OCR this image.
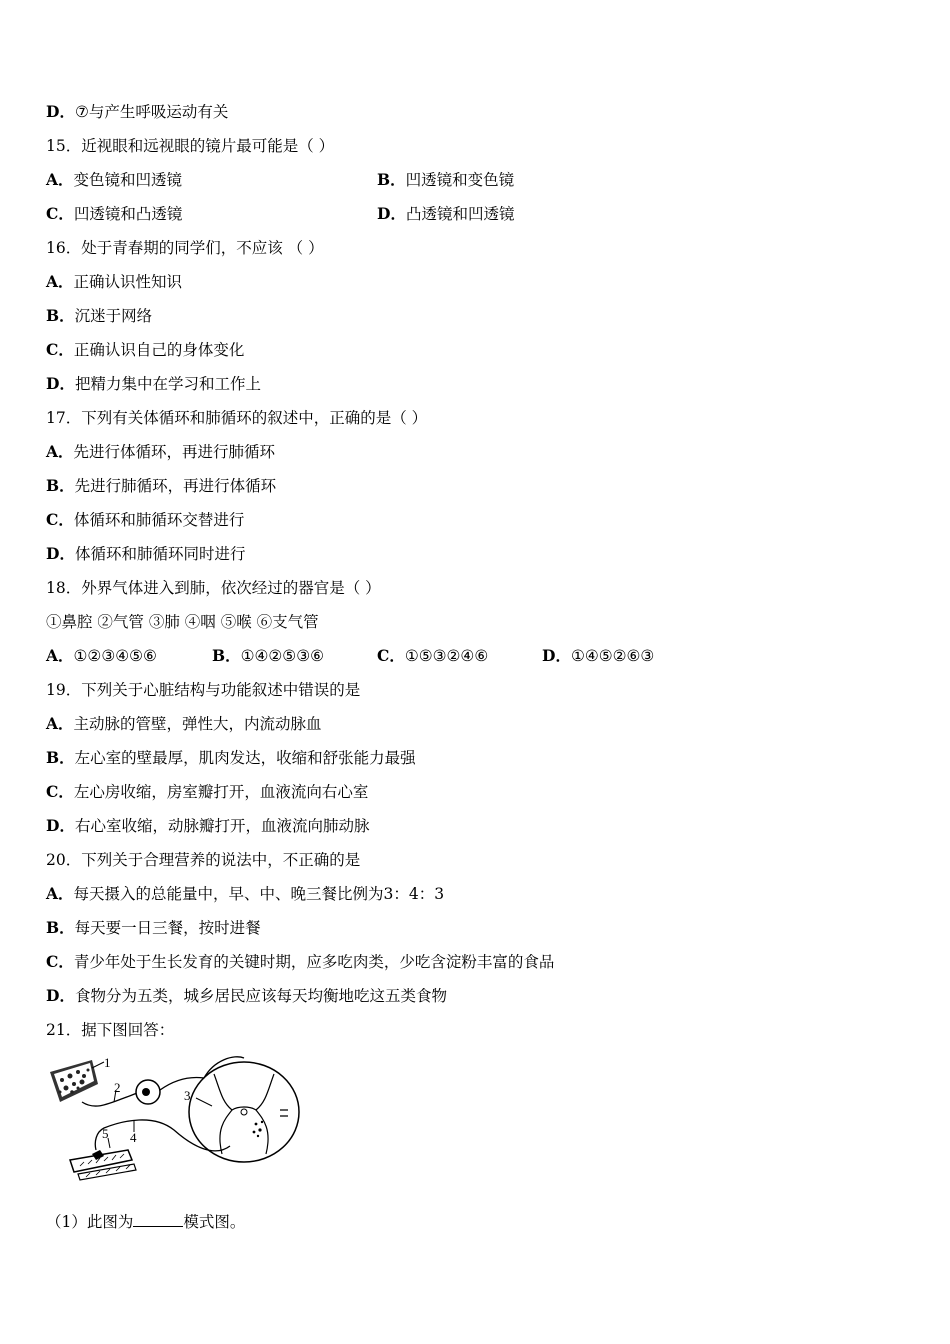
D．⑦与产生呼吸运动有关
15．近视眼和远视眼的镜片最可能是（ ）
A．变色镜和凹透镜	B．凹透镜和变色镜
C．凹透镜和凸透镜	D．凸透镜和凹透镜
16．处于青春期的同学们，不应该 （ ）
A．正确认识性知识
B．沉迷于网络
C．正确认识自己的身体变化
D．把精力集中在学习和工作上
17．下列有关体循环和肺循环的叙述中，正确的是（ ）
A．先进行体循环，再进行肺循环
B．先进行肺循环，再进行体循环
C．体循环和肺循环交替进行
D．体循环和肺循环同时进行
18．外界气体进入到肺，依次经过的器官是（ ）
①鼻腔 ②气管 ③肺 ④咽 ⑤喉 ⑥支气管
A．①②③④⑤⑥	B．①④②⑤③⑥	C．①⑤③②④⑥	D．①④⑤②⑥③
19．下列关于心脏结构与功能叙述中错误的是
A．主动脉的管壁，弹性大，内流动脉血
B．左心室的壁最厚，肌肉发达，收缩和舒张能力最强
C．左心房收缩，房室瓣打开，血液流向右心室
D．右心室收缩，动脉瓣打开，血液流向肺动脉
20．下列关于合理营养的说法中，不正确的是
A．每天摄入的总能量中，早、中、晚三餐比例为3：4：3
B．每天要一日三餐，按时进餐
C．青少年处于生长发育的关键时期，应多吃肉类，少吃含淀粉丰富的食品
D．食物分为五类，城乡居民应该每天均衡地吃这五类食物
21．据下图回答：
1
2
3
4
5
（1）此图为	模式图。
